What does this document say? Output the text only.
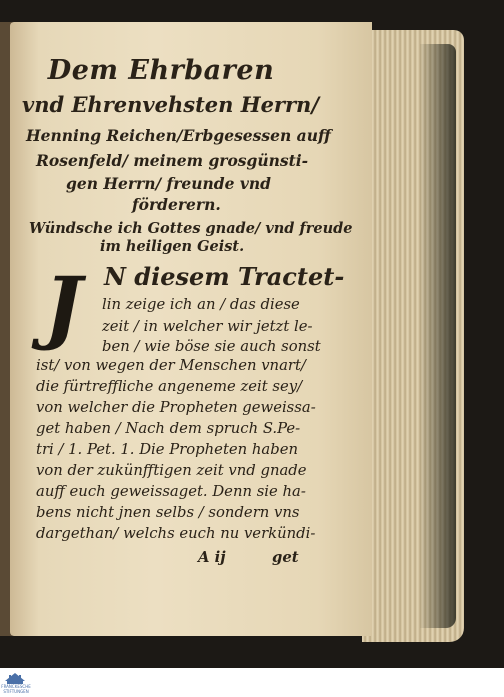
Dem Ehrbaren
vnd Ehrenvehsten Herrn/
Henning Reichen/Erbgesessen auff
Rosenfeld/ meinem grosgünsti-
gen Herrn/ freunde vnd
förderern.
Wündsche ich Gottes gnade/ vnd freude
im heiligen Geist.
J N diesem Tractet-
lin zeige ich an / das diese
zeit / in welcher wir jetzt le-
ben / wie böse sie auch sonst
ist/ von wegen der Menschen vnart/
die fürtreffliche angeneme zeit sey/
von welcher die Propheten geweissa-
get haben / Nach dem spruch S.Pe-
tri / 1. Pet. 1. Die Propheten haben
von der zukünfftigen zeit vnd gnade
auff euch geweissaget. Denn sie ha-
bens nicht jnen selbs / sondern vns
dargethan/ welchs euch nu verkündi-
A ij	get
FRANCKESCHE STIFTUNGEN
